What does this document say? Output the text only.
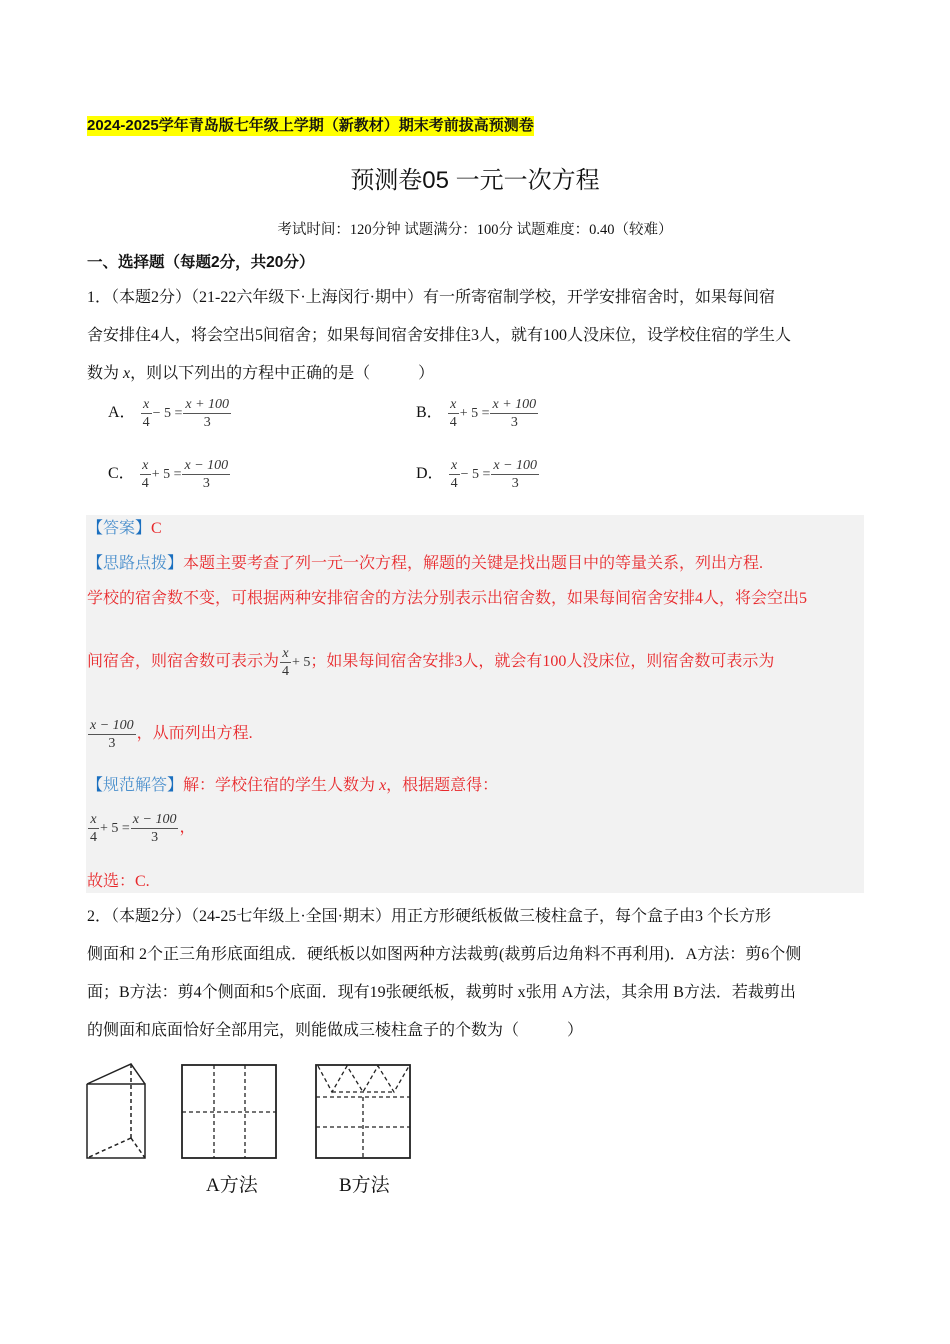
2024-2025学年青岛版七年级上学期（新教材）期末考前拔高预测卷
预测卷05 一元一次方程
考试时间：120分钟 试题满分：100分 试题难度：0.40（较难）
一、选择题（每题2分，共20分）
1．（本题2分）（21-22六年级下·上海闵行·期中）有一所寄宿制学校，开学安排宿舍时，如果每间宿
舍安排住4人，将会空出5间宿舍；如果每间宿舍安排住3人，就有100人没床位，设学校住宿的学生人
数为 x，则以下列出的方程中正确的是（　　　）
A． $\frac{x}{4} - 5 = \frac{x + 100}{3}$	B． $\frac{x}{4} + 5 = \frac{x + 100}{3}$
C． $\frac{x}{4} + 5 = \frac{x - 100}{3}$	D． $\frac{x}{4} - 5 = \frac{x - 100}{3}$
【答案】C
【思路点拨】本题主要考查了列一元一次方程，解题的关键是找出题目中的等量关系，列出方程.
学校的宿舍数不变，可根据两种安排宿舍的方法分别表示出宿舍数，如果每间宿舍安排4人，将会空出5
间宿舍，则宿舍数可表示为 $\frac{x}{4} + 5$；如果每间宿舍安排3人，就会有100人没床位，则宿舍数可表示为
$\frac{x - 100}{3}$ ，从而列出方程.
【规范解答】解：学校住宿的学生人数为 x，根据题意得：
$\frac{x}{4} + 5 = \frac{x - 100}{3}$ ，
故选：C.
2．（本题2分）（24-25七年级上·全国·期末）用正方形硬纸板做三棱柱盒子，每个盒子由3 个长方形
侧面和 2个正三角形底面组成．硬纸板以如图两种方法裁剪(裁剪后边角料不再利用)．A方法：剪6个侧
面；B方法：剪4个侧面和5个底面．现有19张硬纸板，裁剪时 x张用 A方法，其余用 B方法．若裁剪出
的侧面和底面恰好全部用完，则能做成三棱柱盒子的个数为（　　　）
A方法	B方法
